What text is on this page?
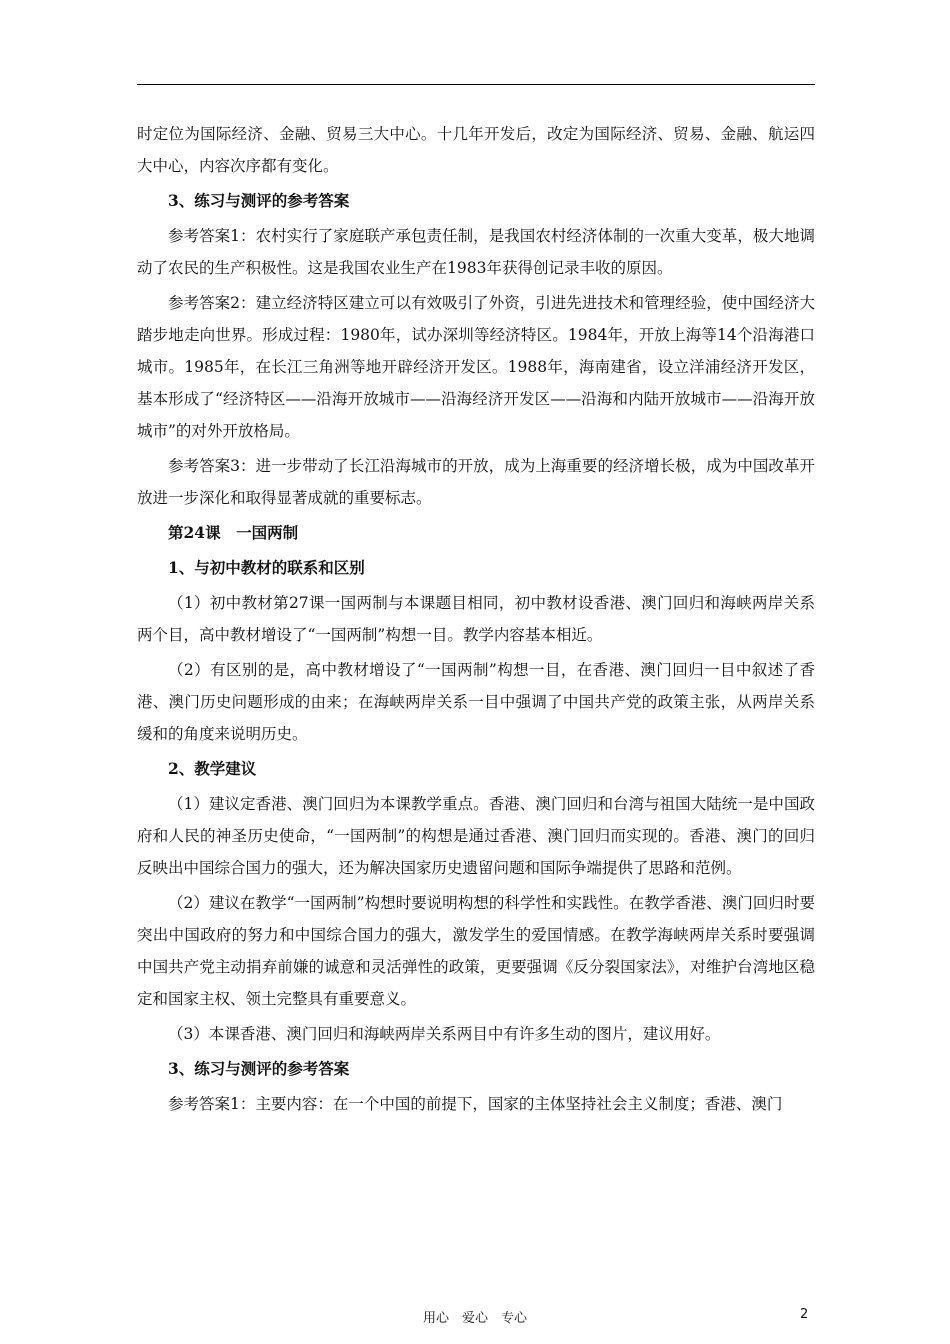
时定位为国际经济、金融、贸易三大中心。十几年开发后，改定为国际经济、贸易、金融、航运四大中心，内容次序都有变化。

3、练习与测评的参考答案

参考答案1：农村实行了家庭联产承包责任制，是我国农村经济体制的一次重大变革，极大地调动了农民的生产积极性。这是我国农业生产在1983年获得创记录丰收的原因。

参考答案2：建立经济特区建立可以有效吸引了外资，引进先进技术和管理经验，使中国经济大踏步地走向世界。形成过程：1980年，试办深圳等经济特区。1984年，开放上海等14个沿海港口城市。1985年，在长江三角洲等地开辟经济开发区。1988年，海南建省，设立洋浦经济开发区，基本形成了“经济特区——沿海开放城市——沿海经济开发区——沿海和内陆开放城市——沿海开放城市”的对外开放格局。

参考答案3：进一步带动了长江沿海城市的开放，成为上海重要的经济增长极，成为中国改革开放进一步深化和取得显著成就的重要标志。

第24课　一国两制

1、与初中教材的联系和区别

（1）初中教材第27课一国两制与本课题目相同，初中教材设香港、澳门回归和海峡两岸关系两个目，高中教材增设了“一国两制”构想一目。教学内容基本相近。

（2）有区别的是，高中教材增设了“一国两制”构想一目，在香港、澳门回归一目中叙述了香港、澳门历史问题形成的由来；在海峡两岸关系一目中强调了中国共产党的政策主张，从两岸关系缓和的角度来说明历史。

2、教学建议

（1）建议定香港、澳门回归为本课教学重点。香港、澳门回归和台湾与祖国大陆统一是中国政府和人民的神圣历史使命，“一国两制”的构想是通过香港、澳门回归而实现的。香港、澳门的回归反映出中国综合国力的强大，还为解决国家历史遗留问题和国际争端提供了思路和范例。

（2）建议在教学“一国两制”构想时要说明构想的科学性和实践性。在教学香港、澳门回归时要突出中国政府的努力和中国综合国力的强大，激发学生的爱国情感。在教学海峡两岸关系时要强调中国共产党主动捐弃前嫌的诚意和灵活弹性的政策，更要强调《反分裂国家法》，对维护台湾地区稳定和国家主权、领土完整具有重要意义。

（3）本课香港、澳门回归和海峡两岸关系两目中有许多生动的图片，建议用好。

3、练习与测评的参考答案

参考答案1：主要内容：在一个中国的前提下，国家的主体坚持社会主义制度；香港、澳门

用心　爱心　专心	2
